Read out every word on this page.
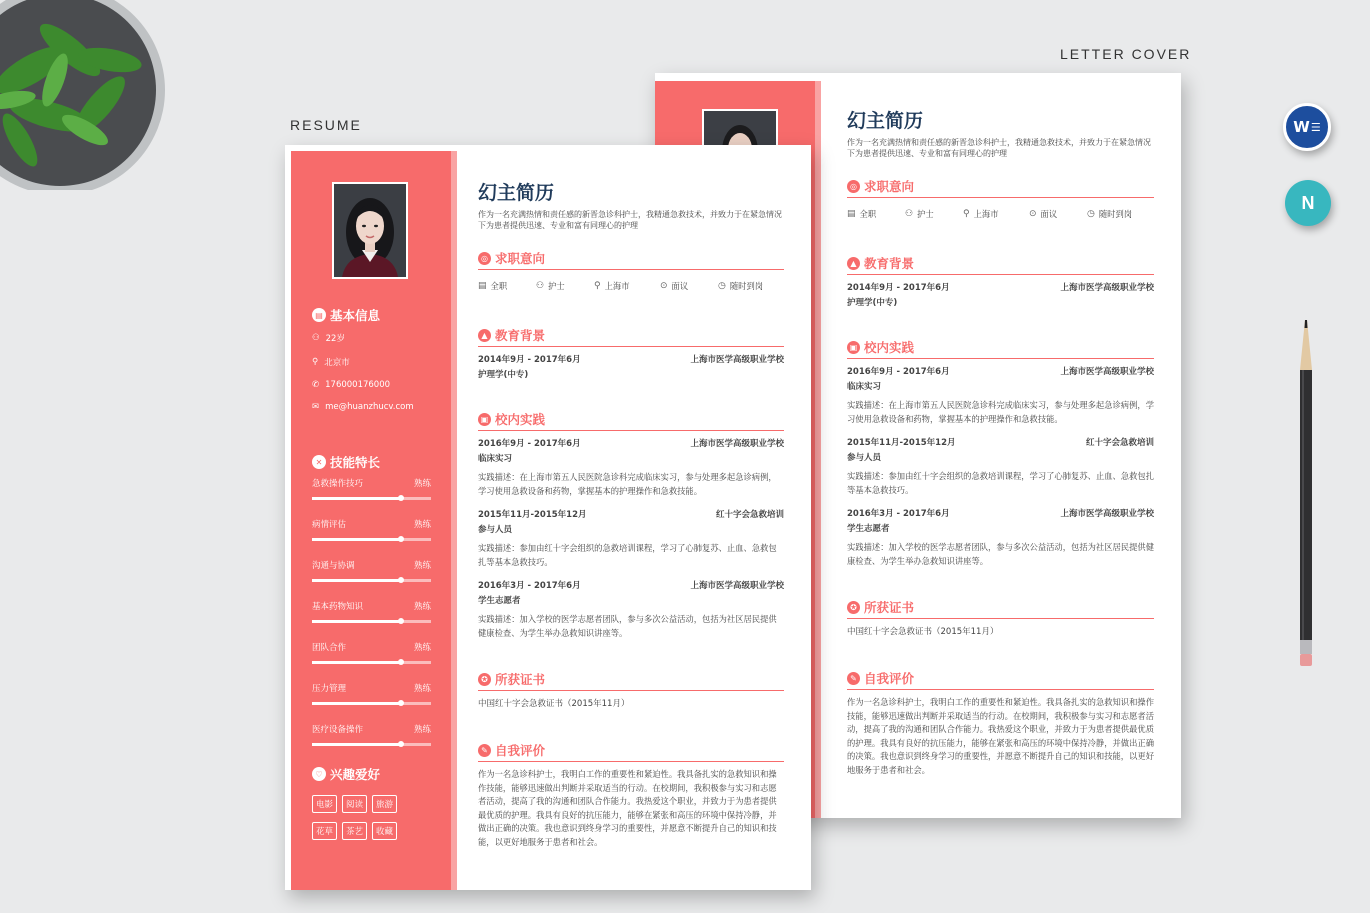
RESUME
LETTER COVER
幻主简历
作为一名充满热情和责任感的新晋急诊科护士，我精通急救技术，并致力于在紧急情况下为患者提供迅速、专业和富有同理心的护理
◎ 求职意向
▤ 全职	⚇ 护士	⚲ 上海市	⊙ 面议	◷ 随时到岗
▲ 教育背景
2014年9月 - 2017年6月	上海市医学高级职业学校
护理学(中专)
▣ 校内实践
2016年9月 - 2017年6月	上海市医学高级职业学校
临床实习
实践描述：在上海市第五人民医院急诊科完成临床实习，参与处理多起急诊病例，学习使用急救设备和药物，掌握基本的护理操作和急救技能。
2015年11月-2015年12月	红十字会急救培训
参与人员
实践描述：参加由红十字会组织的急救培训课程，学习了心肺复苏、止血、急救包扎等基本急救技巧。
2016年3月 - 2017年6月	上海市医学高级职业学校
学生志愿者
实践描述：加入学校的医学志愿者团队，参与多次公益活动，包括为社区居民提供健康检查、为学生举办急救知识讲座等。
✪ 所获证书
中国红十字会急救证书（2015年11月）
✎ 自我评价
作为一名急诊科护士，我明白工作的重要性和紧迫性。我具备扎实的急救知识和操作技能，能够迅速做出判断并采取适当的行动。在校期间，我积极参与实习和志愿者活动，提高了我的沟通和团队合作能力。我热爱这个职业，并致力于为患者提供最优质的护理。我具有良好的抗压能力，能够在紧张和高压的环境中保持冷静，并做出正确的决策。我也意识到终身学习的重要性，并愿意不断提升自己的知识和技能，以更好地服务于患者和社会。
▤ 基本信息
⚇ 22岁
⚲ 北京市
✆ 176000176000
✉ me@huanzhucv.com
✕ 技能特长
急救操作技巧	熟练
病情评估	熟练
沟通与协调	熟练
基本药物知识	熟练
团队合作	熟练
压力管理	熟练
医疗设备操作	熟练
♡ 兴趣爱好
电影	阅读	旅游
花草	茶艺	收藏
幻主简历
作为一名充满热情和责任感的新晋急诊科护士，我精通急救技术，并致力于在紧急情况下为患者提供迅速、专业和富有同理心的护理
◎ 求职意向
▤ 全职	⚇ 护士	⚲ 上海市	⊙ 面议	◷ 随时到岗
▲ 教育背景
2014年9月 - 2017年6月	上海市医学高级职业学校
护理学(中专)
▣ 校内实践
2016年9月 - 2017年6月	上海市医学高级职业学校
临床实习
实践描述：在上海市第五人民医院急诊科完成临床实习，参与处理多起急诊病例，学习使用急救设备和药物，掌握基本的护理操作和急救技能。
2015年11月-2015年12月	红十字会急救培训
参与人员
实践描述：参加由红十字会组织的急救培训课程，学习了心肺复苏、止血、急救包扎等基本急救技巧。
2016年3月 - 2017年6月	上海市医学高级职业学校
学生志愿者
实践描述：加入学校的医学志愿者团队，参与多次公益活动，包括为社区居民提供健康检查、为学生举办急救知识讲座等。
✪ 所获证书
中国红十字会急救证书（2015年11月）
✎ 自我评价
作为一名急诊科护士，我明白工作的重要性和紧迫性。我具备扎实的急救知识和操作技能，能够迅速做出判断并采取适当的行动。在校期间，我积极参与实习和志愿者活动，提高了我的沟通和团队合作能力。我热爱这个职业，并致力于为患者提供最优质的护理。我具有良好的抗压能力，能够在紧张和高压的环境中保持冷静，并做出正确的决策。我也意识到终身学习的重要性，并愿意不断提升自己的知识和技能，以更好地服务于患者和社会。
W ☰
N
